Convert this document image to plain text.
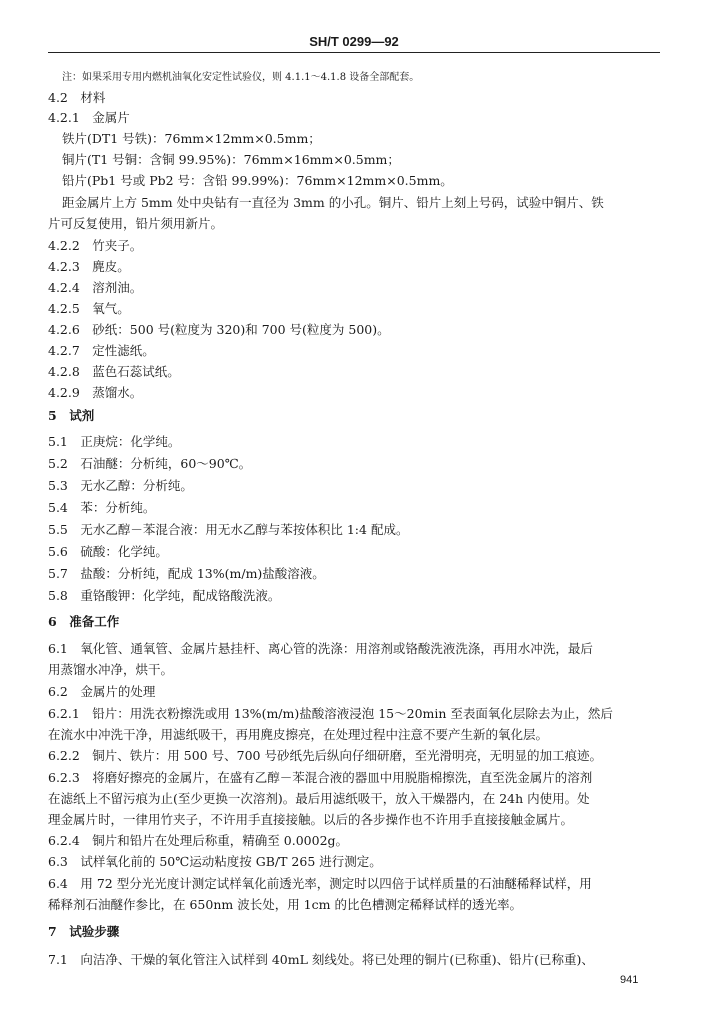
SH/T 0299—92
注：如果采用专用内燃机油氧化安定性试验仪，则 4.1.1～4.1.8 设备全部配套。
4.2　材料
4.2.1　金属片
铁片(DT1 号铁)：76mm×12mm×0.5mm；
铜片(T1 号铜：含铜 99.95%)：76mm×16mm×0.5mm；
铅片(Pb1 号或 Pb2 号：含铅 99.99%)：76mm×12mm×0.5mm。
距金属片上方 5mm 处中央钻有一直径为 3mm 的小孔。铜片、铅片上刻上号码，试验中铜片、铁
片可反复使用，铅片须用新片。
4.2.2　竹夹子。
4.2.3　麂皮。
4.2.4　溶剂油。
4.2.5　氧气。
4.2.6　砂纸：500 号(粒度为 320)和 700 号(粒度为 500)。
4.2.7　定性滤纸。
4.2.8　蓝色石蕊试纸。
4.2.9　蒸馏水。
5　试剂
5.1　正庚烷：化学纯。
5.2　石油醚：分析纯，60～90℃。
5.3　无水乙醇：分析纯。
5.4　苯：分析纯。
5.5　无水乙醇－苯混合液：用无水乙醇与苯按体积比 1:4 配成。
5.6　硫酸：化学纯。
5.7　盐酸：分析纯，配成 13%(m/m)盐酸溶液。
5.8　重铬酸钾：化学纯，配成铬酸洗液。
6　准备工作
6.1　氧化管、通氧管、金属片悬挂杆、离心管的洗涤：用溶剂或铬酸洗液洗涤，再用水冲洗，最后
用蒸馏水冲净，烘干。
6.2　金属片的处理
6.2.1　铅片：用洗衣粉擦洗或用 13%(m/m)盐酸溶液浸泡 15～20min 至表面氧化层除去为止，然后
在流水中冲洗干净，用滤纸吸干，再用麂皮擦亮，在处理过程中注意不要产生新的氧化层。
6.2.2　铜片、铁片：用 500 号、700 号砂纸先后纵向仔细研磨，至光滑明亮，无明显的加工痕迹。
6.2.3　将磨好擦亮的金属片，在盛有乙醇－苯混合液的器皿中用脱脂棉擦洗，直至洗金属片的溶剂
在滤纸上不留污痕为止(至少更换一次溶剂)。最后用滤纸吸干，放入干燥器内，在 24h 内使用。处
理金属片时，一律用竹夹子，不许用手直接接触。以后的各步操作也不许用手直接接触金属片。
6.2.4　铜片和铅片在处理后称重，精确至 0.0002g。
6.3　试样氧化前的 50℃运动粘度按 GB/T 265 进行测定。
6.4　用 72 型分光光度计测定试样氧化前透光率，测定时以四倍于试样质量的石油醚稀释试样，用
稀释剂石油醚作参比，在 650nm 波长处，用 1cm 的比色槽测定稀释试样的透光率。
7　试验步骤
7.1　向洁净、干燥的氧化管注入试样到 40mL 刻线处。将已处理的铜片(已称重)、铅片(已称重)、
941
